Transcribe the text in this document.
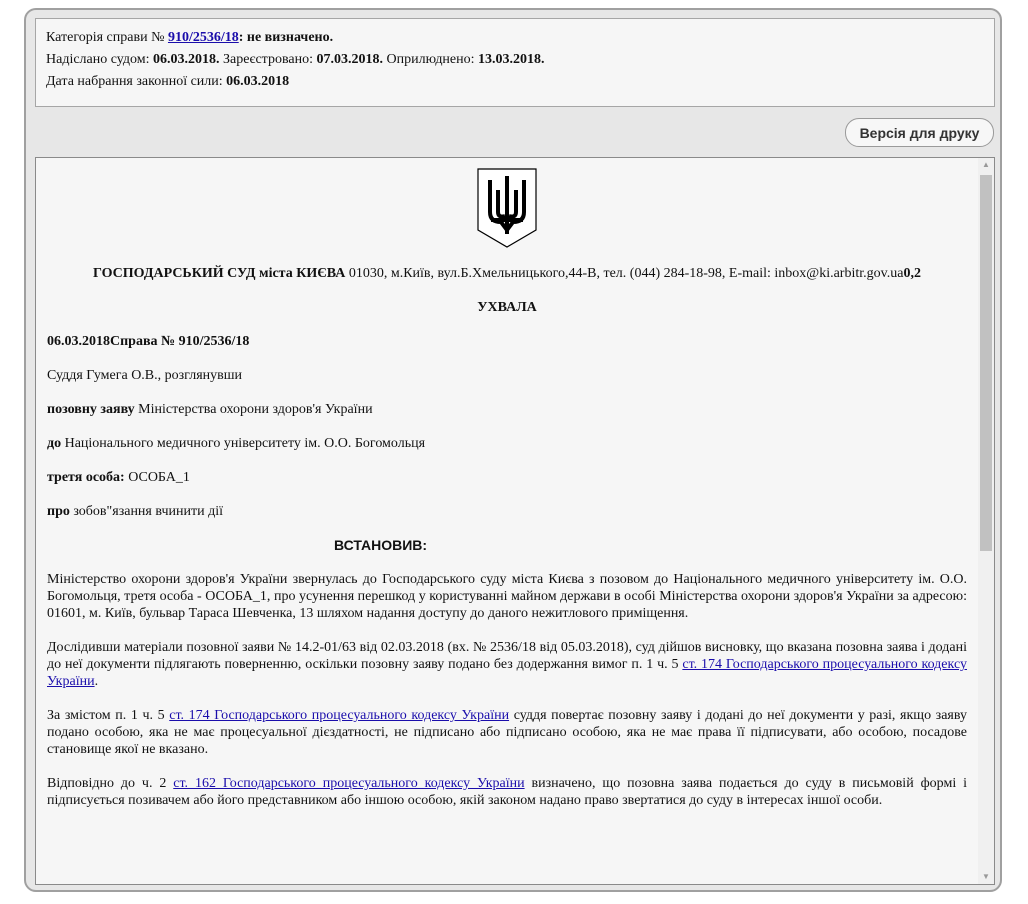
Категорія справи № 910/2536/18: не визначено.
Надіслано судом: 06.03.2018. Зареєстровано: 07.03.2018. Оприлюднено: 13.03.2018.
Дата набрання законної сили: 06.03.2018
Версія для друку

ГОСПОДАРСЬКИЙ СУД міста КИЄВА 01030, м.Київ, вул.Б.Хмельницького,44-В, тел. (044) 284-18-98, E-mail: inbox@ki.arbitr.gov.ua0,2

УХВАЛА

06.03.2018Справа № 910/2536/18

Суддя Гумега О.В., розглянувши

позовну заяву Міністерства охорони здоров'я України

до Національного медичного університету ім. О.О. Богомольця

третя особа: ОСОБА_1

про зобов"язання вчинити дії

ВСТАНОВИВ:

Міністерство охорони здоров'я України звернулась до Господарського суду міста Києва з позовом до Національного медичного університету ім. О.О. Богомольця, третя особа - ОСОБА_1, про усунення перешкод у користуванні майном держави в особі Міністерства охорони здоров'я України за адресою: 01601, м. Київ, бульвар Тараса Шевченка, 13 шляхом надання доступу до даного нежитлового приміщення.

Дослідивши матеріали позовної заяви № 14.2-01/63 від 02.03.2018 (вх. № 2536/18 від 05.03.2018), суд дійшов висновку, що вказана позовна заява і додані до неї документи підлягають поверненню, оскільки позовну заяву подано без додержання вимог п. 1 ч. 5 ст. 174 Господарського процесуального кодексу України.

За змістом п. 1 ч. 5 ст. 174 Господарського процесуального кодексу України суддя повертає позовну заяву і додані до неї документи у разі, якщо заяву подано особою, яка не має процесуальної дієздатності, не підписано або підписано особою, яка не має права її підписувати, або особою, посадове становище якої не вказано.

Відповідно до ч. 2 ст. 162 Господарського процесуального кодексу України визначено, що позовна заява подається до суду в письмовій формі і підписується позивачем або його представником або іншою особою, якій законом надано право звертатися до суду в інтересах іншої особи.

▲
▼
